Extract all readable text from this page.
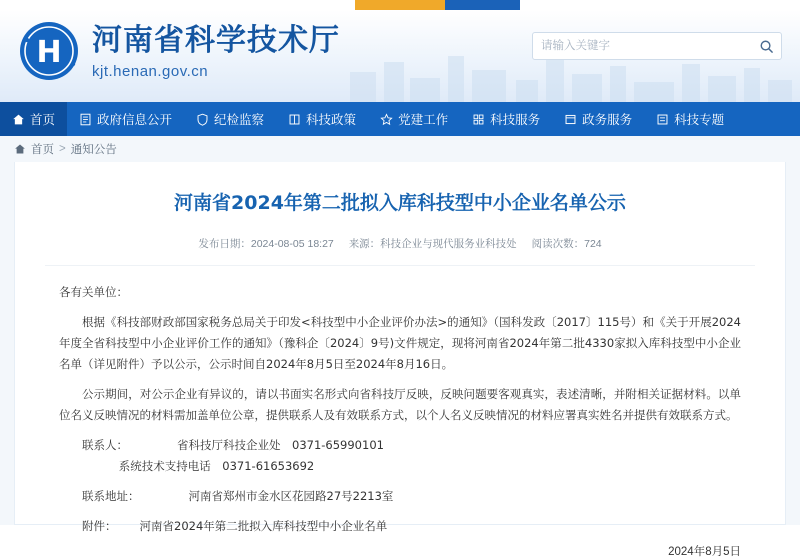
H 河南省科学技术厅
kjt.henan.gov.cn
请输入关键字
首页	政府信息公开	纪检监察	科技政策	党建工作	科技服务	政务服务	科技专题
首页 > 通知公告
河南省2024年第二批拟入库科技型中小企业名单公示
发布日期：2024-08-05 18:27 来源：科技企业与现代服务业科技处 阅读次数：724

各有关单位：

根据《科技部财政部国家税务总局关于印发<科技型中小企业评价办法>的通知》（国科发政〔2017〕115号）和《关于开展2024年度全省科技型中小企业评价工作的通知》（豫科企〔2024〕9号)文件规定，现将河南省2024年第二批4330家拟入库科技型中小企业名单（详见附件）予以公示，公示时间自2024年8月5日至2024年8月16日。

公示期间，对公示企业有异议的，请以书面实名形式向省科技厅反映，反映问题要客观真实，表述清晰，并附相关证据材料。以单位名义反映情况的材料需加盖单位公章，提供联系人及有效联系方式，以个人名义反映情况的材料应署真实姓名并提供有效联系方式。

联系人：	省科技厅科技企业处　0371-65990101
系统技术支持电话　0371-61653692
联系地址：	河南省郑州市金水区花园路27号2213室
附件：	河南省2024年第二批拟入库科技型中小企业名单
2024年8月5日
